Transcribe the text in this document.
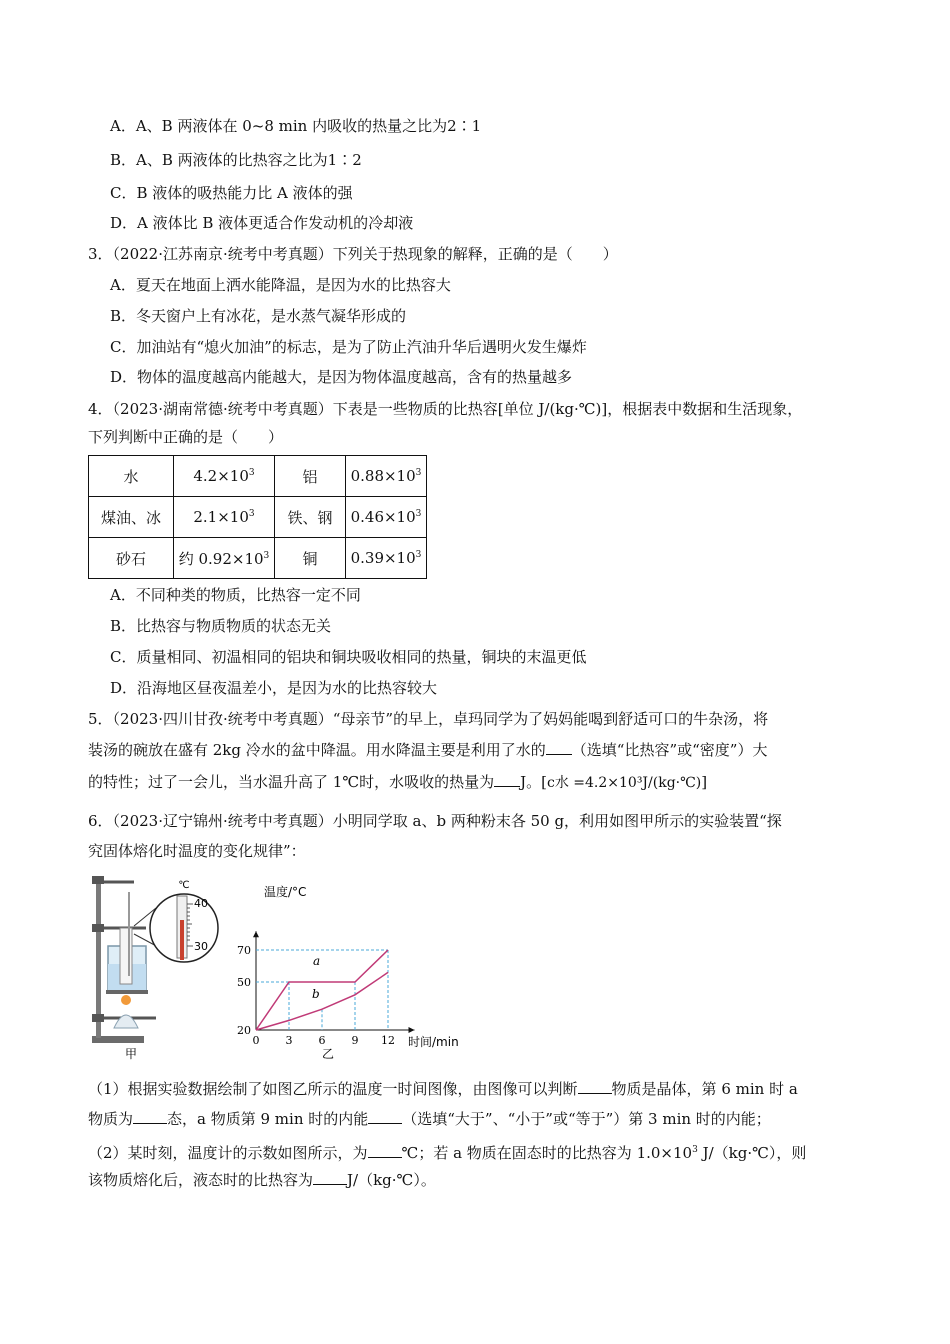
A．A、B 两液体在 0~8 min 内吸收的热量之比为2∶1
B．A、B 两液体的比热容之比为1∶2
C．B 液体的吸热能力比 A 液体的强
D．A 液体比 B 液体更适合作发动机的冷却液
3．（2022·江苏南京·统考中考真题）下列关于热现象的解释，正确的是（　　）
A．夏天在地面上洒水能降温，是因为水的比热容大
B．冬天窗户上有冰花，是水蒸气凝华形成的
C．加油站有“熄火加油”的标志，是为了防止汽油升华后遇明火发生爆炸
D．物体的温度越高内能越大，是因为物体温度越高，含有的热量越多
4．（2023·湖南常德·统考中考真题）下表是一些物质的比热容[单位 J/(kg·℃)]，根据表中数据和生活现象，
下列判断中正确的是（　　）
水	$4.2\times 10^3$	铝	$0.88\times 10^3$
煤油、冰	$2.1\times 10^3$	铁、钢	$0.46\times 10^3$
砂石	约 $0.92\times 10^3$	铜	$0.39\times 10^3$
A．不同种类的物质，比热容一定不同
B．比热容与物质物质的状态无关
C．质量相同、初温相同的铝块和铜块吸收相同的热量，铜块的末温更低
D．沿海地区昼夜温差小，是因为水的比热容较大
5．（2023·四川甘孜·统考中考真题）“母亲节”的早上，卓玛同学为了妈妈能喝到舒适可口的牛杂汤，将
装汤的碗放在盛有 2kg 冷水的盆中降温。用水降温主要是利用了水的 （选填“比热容”或“密度”）大
的特性；过了一会儿，当水温升高了 1℃时，水吸收的热量为 J。[c水 =4.2×10³J/(kg·℃)]
6．（2023·辽宁锦州·统考中考真题）小明同学取 a、b 两种粉末各 50 g，利用如图甲所示的实验装置“探
究固体熔化时温度的变化规律”：
甲
℃
40
30
0 3 6 9 12
20
50
70
a
b
温度/°C
时间/min
乙
（1）根据实验数据绘制了如图乙所示的温度一时间图像，由图像可以判断 物质是晶体，第 6 min 时 a
物质为 态，a 物质第 9 min 时的内能 （选填“大于”、“小于”或“等于”）第 3 min 时的内能；
（2）某时刻，温度计的示数如图所示，为 ℃；若 a 物质在固态时的比热容为 $1.0\times 10^3$ J/（kg·℃），则
该物质熔化后，液态时的比热容为 J/（kg·℃）。
